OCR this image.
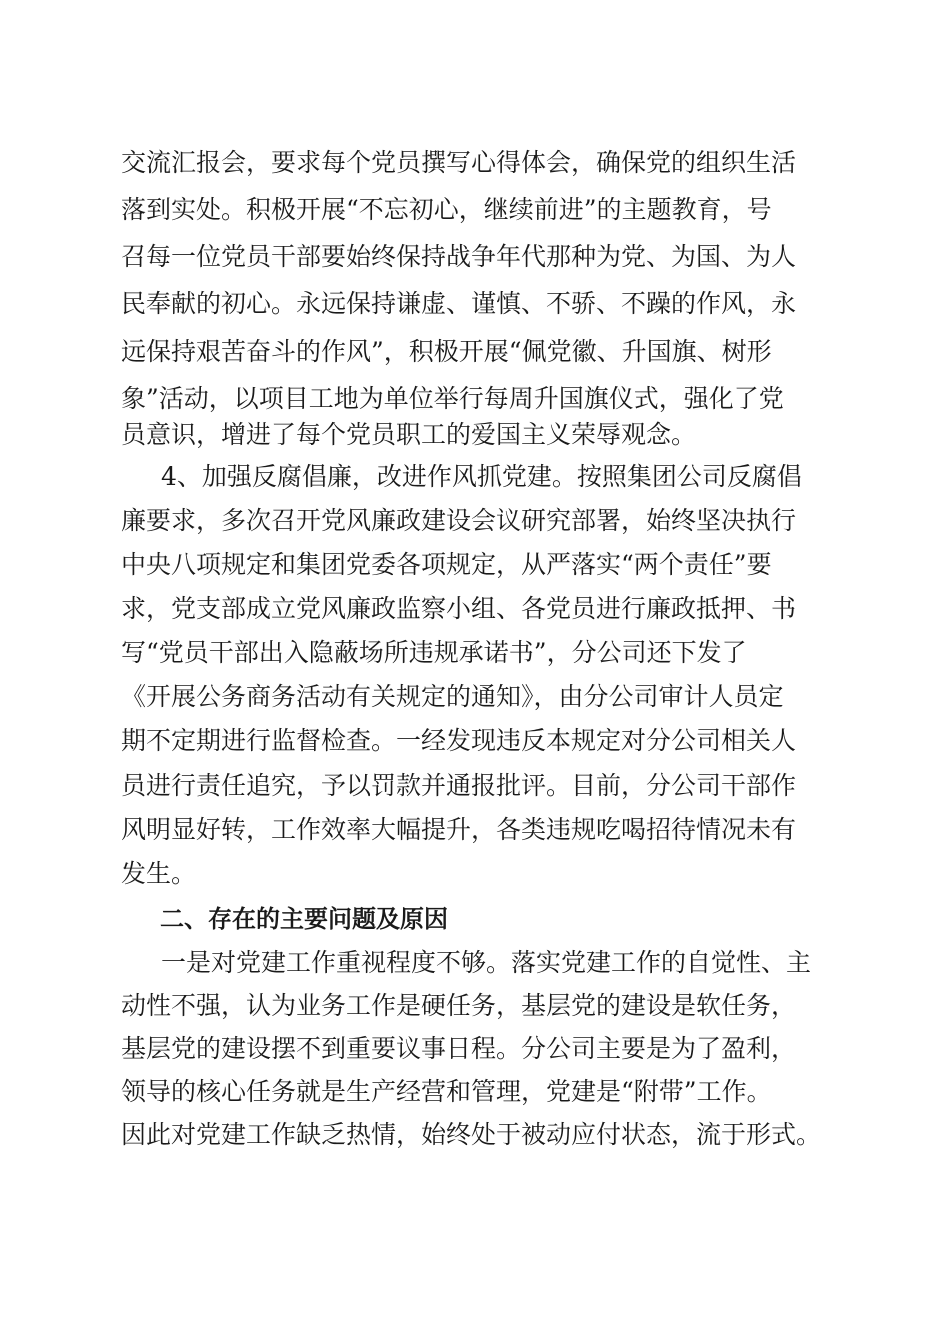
交流汇报会，要求每个党员撰写心得体会，确保党的组织生活
落到实处。积极开展“不忘初心，继续前进”的主题教育，号
召每一位党员干部要始终保持战争年代那种为党、为国、为人
民奉献的初心。永远保持谦虚、谨慎、不骄、不躁的作风，永
远保持艰苦奋斗的作风”，积极开展“佩党徽、升国旗、树形
象”活动，以项目工地为单位举行每周升国旗仪式，强化了党
员意识，增进了每个党员职工的爱国主义荣辱观念。
4、加强反腐倡廉，改进作风抓党建。按照集团公司反腐倡
廉要求，多次召开党风廉政建设会议研究部署，始终坚决执行
中央八项规定和集团党委各项规定，从严落实“两个责任”要
求，党支部成立党风廉政监察小组、各党员进行廉政抵押、书
写“党员干部出入隐蔽场所违规承诺书”，分公司还下发了
《开展公务商务活动有关规定的通知》，由分公司审计人员定
期不定期进行监督检查。一经发现违反本规定对分公司相关人
员进行责任追究，予以罚款并通报批评。目前，分公司干部作
风明显好转，工作效率大幅提升，各类违规吃喝招待情况未有
发生。
二、存在的主要问题及原因
一是对党建工作重视程度不够。落实党建工作的自觉性、主
动性不强，认为业务工作是硬任务，基层党的建设是软任务，
基层党的建设摆不到重要议事日程。分公司主要是为了盈利，
领导的核心任务就是生产经营和管理，党建是“附带”工作。
因此对党建工作缺乏热情，始终处于被动应付状态，流于形式。
